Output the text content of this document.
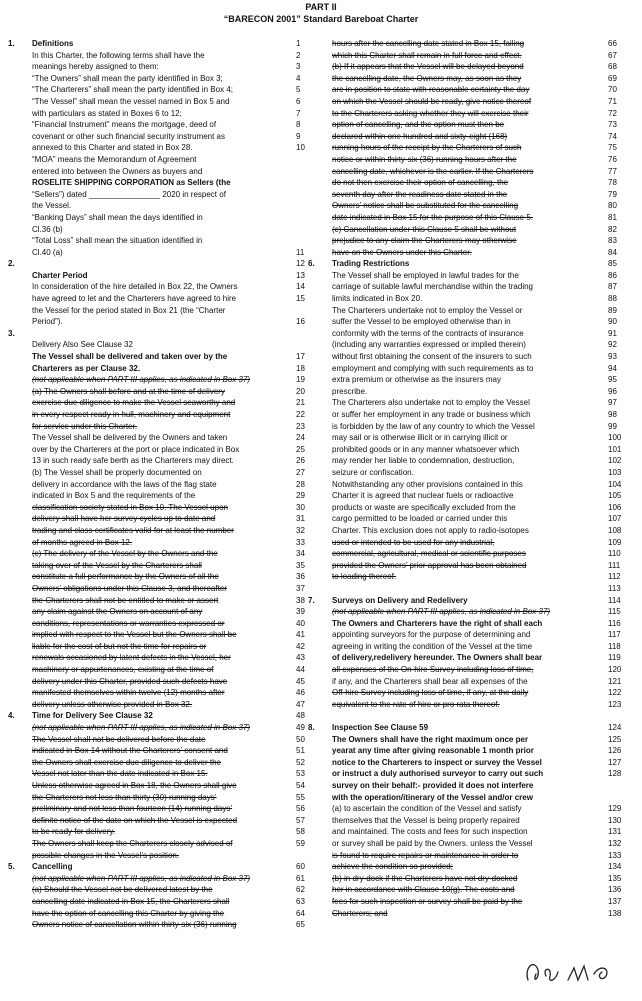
PART II
“BARECON 2001” Standard Bareboat Charter
1.	Definitions	1
In this Charter, the following terms shall have the	2
meanings hereby assigned to them:	3
“The Owners” shall mean the party identified in Box 3;	4
“The Charterers” shall mean the party identified in Box 4;	5
“The Vessel” shall mean the vessel named in Box 5 and	6
with particulars as stated in Boxes 6 to 12;	7
“Financial Instrument” means the mortgage, deed of	8
covenant or other such financial security instrument as	9
annexed to this Charter and stated in Box 28.	10
“MOA” means the Memorandum of Agreement
entered into between the Owners as buyers and
ROSELITE SHIPPING CORPORATION as Sellers (the
“Sellers”) dated ________________ 2020 in respect of
the Vessel.
“Banking Days” shall mean the days identified in
Cl.36 (b)
“Total Loss” shall mean the situation identified in
Cl.40 (a)	11
2.	12
Charter Period	13
In consideration of the hire detailed in Box 22, the Owners	14
have agreed to let and the Charterers have agreed to hire	15
the Vessel for the period stated in Box 21 (the “Charter
Period”).	16
3.
Delivery Also See Clause 32
The Vessel shall be delivered and taken over by the	17
Charterers as per Clause 32.	18
(not applicable when PART III applies, as indicated in Box 37)	19
(a) The Owners shall before and at the time of delivery	20
exercise due diligence to make the Vessel seaworthy and	21
in every respect ready in hull, machinery and equipment	22
for service under this Charter.	23
The Vessel shall be delivered by the Owners and taken	24
over by the Charterers at the port or place indicated in Box	25
13 in such ready safe berth as the Charterers may direct.	26
(b) The Vessel shall be properly documented on	27
delivery in accordance with the laws of the flag state	28
indicated in Box 5 and the requirements of the	29
classification society stated in Box 10. The Vessel upon	30
delivery shall have her survey cycles up to date and	31
trading and class certificates valid for at least the number	32
of months agreed in Box 12.	33
(c) The delivery of the Vessel by the Owners and the	34
taking over of the Vessel by the Charterers shall	35
constitute a full performance by the Owners of all the	36
Owners’ obligations under this Clause 3, and thereafter	37
the Charterers shall not be entitled to make or assert	38
any claim against the Owners on account of any	39
conditions, representations or warranties expressed or	40
implied with respect to the Vessel but the Owners shall be	41
liable for the cost of but not the time for repairs or	42
renewals occasioned by latent defects in the Vessel, her	43
machinery or appurtenances, existing at the time of	44
delivery under this Charter, provided such defects have	45
manifested themselves within twelve (12) months after	46
delivery unless otherwise provided in Box 32.	47
4.	Time for Delivery See Clause 32	48
(not applicable when PART III applies, as indicated in Box 37)	49
The Vessel shall not be delivered before the date	50
indicated in Box 14 without the Charterers’ consent and	51
the Owners shall exercise due diligence to deliver the	52
Vessel not later than the date indicated in Box 15.	53
Unless otherwise agreed in Box 18, the Owners shall give	54
the Charterers not less than thirty (30) running days’	55
preliminary and not less than fourteen (14) running days’	56
definite notice of the date on which the Vessel is expected	57
to be ready for delivery.	58
The Owners shall keep the Charterers closely advised of	59
possible changes in the Vessel’s position.
5.	Cancelling	60
(not applicable when PART III applies, as indicated in Box 37)	61
(a) Should the Vessel not be delivered latest by the	62
cancelling date indicated in Box 15, the Charterers shall	63
have the option of cancelling this Charter by giving the	64
Owners notice of cancellation within thirty-six (36) running	65
hours after the cancelling date stated in Box 15, failing	66
which this Charter shall remain in full force and effect.	67
(b) If it appears that the Vessel will be delayed beyond	68
the cancelling date, the Owners may, as soon as they	69
are in position to state with reasonable certainty the day	70
on which the Vessel should be ready, give notice thereof	71
to the Charterers asking whether they will exercise their	72
option of cancelling, and the option must then be	73
declared within one hundred and sixty-eight (168)	74
running hours of the receipt by the Charterers of such	75
notice or within thirty-six (36) running hours after the	76
cancelling date, whichever is the earlier. If the Charterers	77
do not then exercise their option of cancelling, the	78
seventh day after the readiness date stated in the	79
Owners’ notice shall be substituted for the cancelling	80
date indicated in Box 15 for the purpose of this Clause 5.	81
(c) Cancellation under this Clause 5 shall be without	82
prejudice to any claim the Charterers may otherwise	83
have on the Owners under this Charter.	84
6.	Trading Restrictions	85
The Vessel shall be employed in lawful trades for the	86
carriage of suitable lawful merchandise within the trading	87
limits indicated in Box 20.	88
The Charterers undertake not to employ the Vessel or	89
suffer the Vessel to be employed otherwise than in	90
conformity with the terms of the contracts of insurance	91
(including any warranties expressed or implied therein)	92
without first obtaining the consent of the insurers to such	93
employment and complying with such requirements as to	94
extra premium or otherwise as the insurers may	95
prescribe.	96
The Charterers also undertake not to employ the Vessel	97
or suffer her employment in any trade or business which	98
is forbidden by the law of any country to which the Vessel	99
may sail or is otherwise illicit or in carrying illicit or	100
prohibited goods or in any manner whatsoever which	101
may render her liable to condemnation, destruction,	102
seizure or confiscation.	103
Notwithstanding any other provisions contained in this	104
Charter it is agreed that nuclear fuels or radioactive	105
products or waste are specifically excluded from the	106
cargo permitted to be loaded or carried under this	107
Charter. This exclusion does not apply to radio-isotopes	108
used or intended to be used for any industrial,	109
commercial, agricultural, medical or scientific purposes	110
provided the Owners’ prior approval has been obtained	111
to loading thereof.	112
113
7.	Surveys on Delivery and Redelivery	114
(not applicable when PART III applies, as indicated in Box 37)	115
The Owners and Charterers have the right of shall each	116
appointing surveyors for the purpose of determining and	117
agreeing in writing the condition of the Vessel at the time	118
of delivery,redelivery hereunder. The Owners shall bear	119
all expenses of the On-hire Survey including loss of time,	120
if any, and the Charterers shall bear all expenses of the	121
Off-hire Survey including loss of time, if any, at the daily	122
equivalent to the rate of hire or pro rata thereof.	123
8.	Inspection See Clause 59	124
The Owners shall have the right maximum once per	125
yearat any time after giving reasonable 1 month prior	126
notice to the Charterers to inspect or survey the Vessel	127
or instruct a duly authorised surveyor to carry out such	128
survey on their behalf:- provided it does not interfere
with the operation/itinerary of the Vessel and/or crew
(a) to ascertain the condition of the Vessel and satisfy	129
themselves that the Vessel is being properly repaired	130
and maintained. The costs and fees for such inspection	131
or survey shall be paid by the Owners. unless the Vessel	132
is found to require repairs or maintenance in order to	133
achieve the condition so provided;	134
(b) in dry-dock if the Charterers have not dry-docked	135
her in accordance with Clause 10(g). The costs and	136
fees for such inspection or survey shall be paid by the	137
Charterers; and	138
